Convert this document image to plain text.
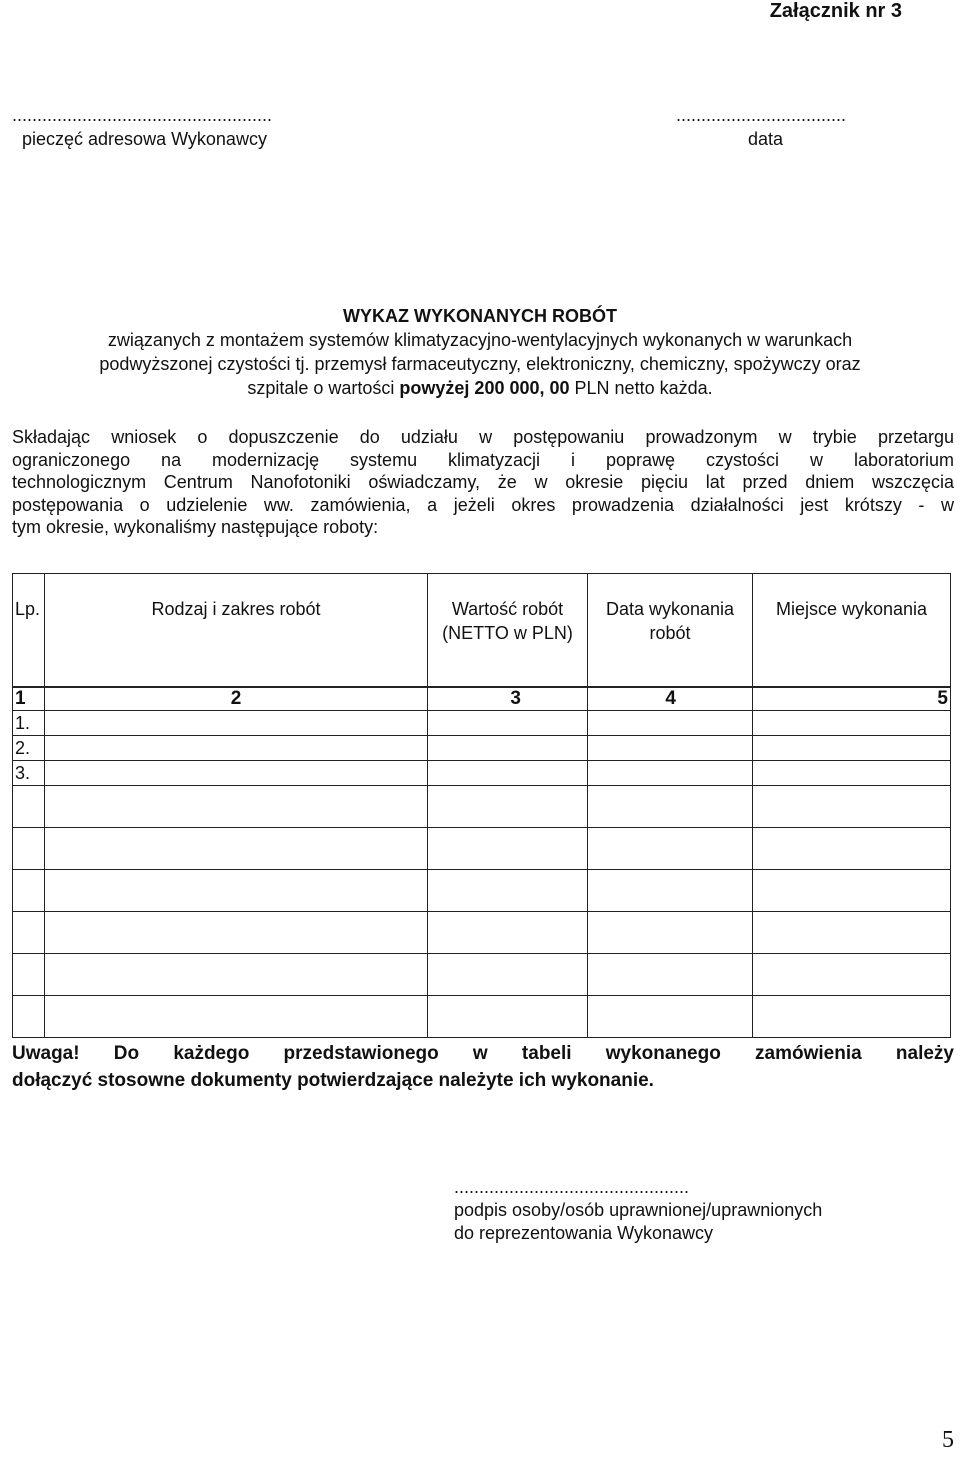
Załącznik nr 3
....................................................
pieczęć adresowa Wykonawcy
..................................
data
WYKAZ WYKONANYCH ROBÓT
związanych z montażem systemów klimatyzacyjno-wentylacyjnych wykonanych w warunkach
podwyższonej czystości tj. przemysł farmaceutyczny, elektroniczny, chemiczny, spożywczy oraz
szpitale o wartości powyżej 200 000, 00 PLN netto każda.
Składając wniosek o dopuszczenie do udziału w postępowaniu prowadzonym w trybie przetargu
ograniczonego na modernizację systemu klimatyzacji i poprawę czystości w laboratorium
technologicznym Centrum Nanofotoniki oświadczamy, że w okresie pięciu lat przed dniem wszczęcia
postępowania o udzielenie ww. zamówienia, a jeżeli okres prowadzenia działalności jest krótszy - w
tym okresie, wykonaliśmy następujące roboty:
Lp.	Rodzaj i zakres robót	Wartość robót (NETTO w PLN)	Data wykonania robót	Miejsce wykonania
1	2	3	4	5
1.				
2.				
3.				

Uwaga! Do każdego przedstawionego w tabeli wykonanego zamówienia należy
dołączyć stosowne dokumenty potwierdzające należyte ich wykonanie.
...............................................
podpis osoby/osób uprawnionej/uprawnionych
do reprezentowania Wykonawcy
5
